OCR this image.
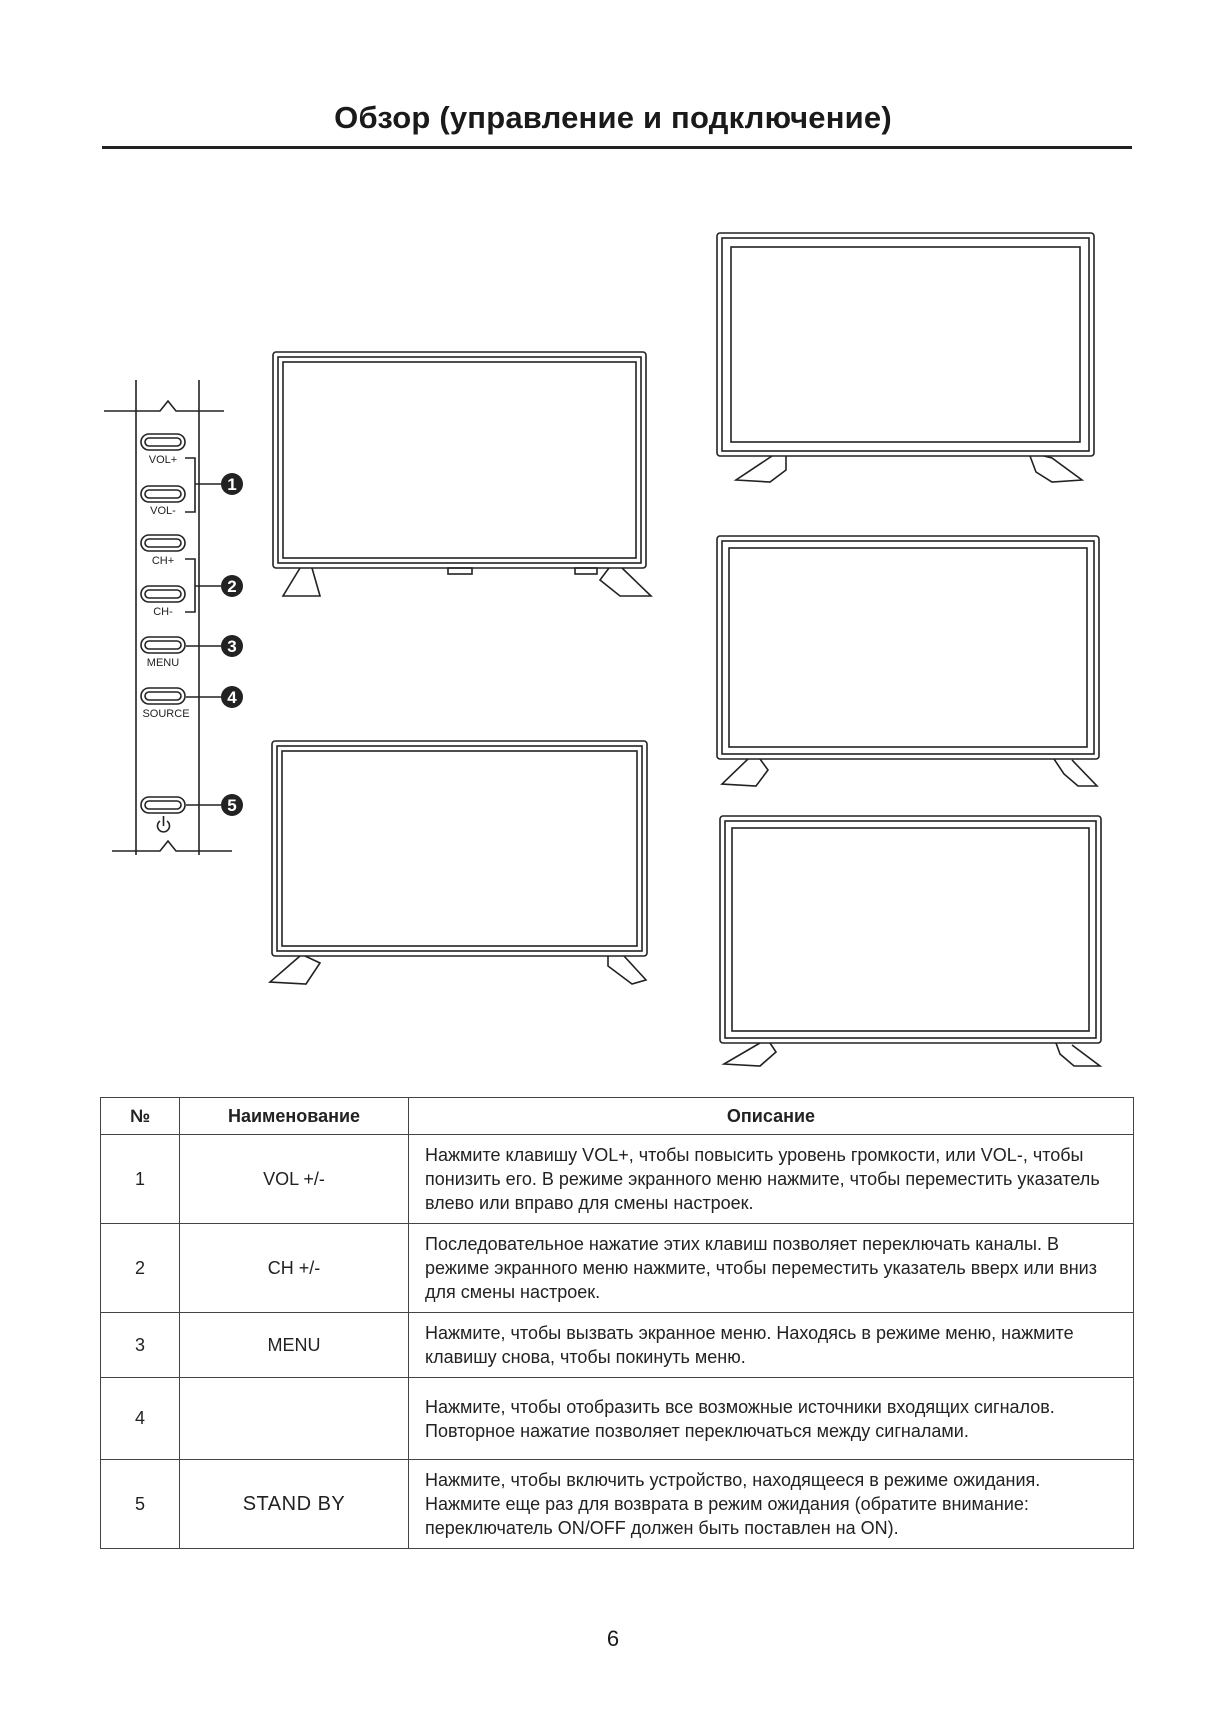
Обзор (управление и подключение)
VOL+
VOL-
CH+
CH-
MENU
SOURCE
1
2
3
4
5
№	Наименование	Описание
1	VOL +/-	Нажмите клавишу VOL+, чтобы повысить уровень громкости, или VOL-, чтобы понизить его. В режиме экранного меню нажмите, чтобы переместить указатель влево или вправо для смены настроек.
2	CH +/-	Последовательное нажатие этих клавиш позволяет переключать каналы. В режиме экранного меню нажмите, чтобы переместить указатель вверх или вниз для смены настроек.
3	MENU	Нажмите, чтобы вызвать экранное меню. Находясь в режиме меню, нажмите клавишу снова, чтобы покинуть меню.
4		Нажмите, чтобы отобразить все возможные источники входящих сигналов. Повторное нажатие позволяет переключаться между сигналами.
5	STAND BY	Нажмите, чтобы включить устройство, находящееся в режиме ожидания. Нажмите еще раз для возврата в режим ожидания (обратите внимание: переключатель ON/OFF должен быть поставлен на ON).
6
